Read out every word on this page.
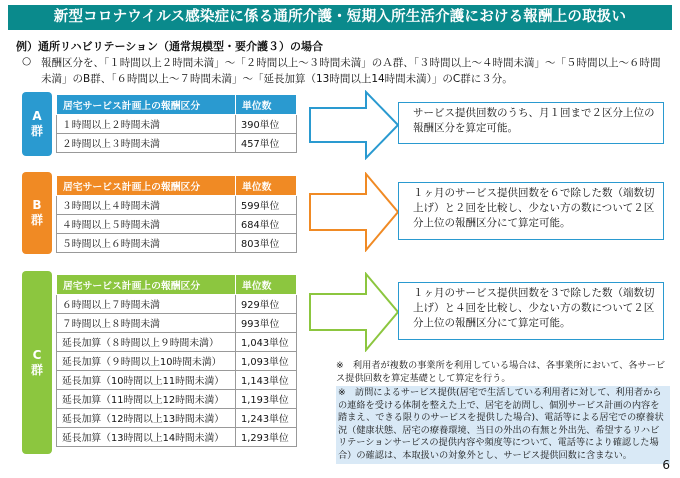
新型コロナウイルス感染症に係る通所介護・短期入所生活介護における報酬上の取扱い
例）通所リハビリテーション（通常規模型・要介護３）の場合
○ 報酬区分を、「１時間以上２時間未満」〜「２時間以上〜３時間未満」のＡ群、「３時間以上〜４時間未満」〜「５時間以上〜６時間未満」のB群、「６時間以上〜７時間未満」〜「延長加算（13時間以上14時間未満）」のC群に３分。
A
群
居宅サービス計画上の報酬区分	単位数
１時間以上２時間未満	390単位
２時間以上３時間未満	457単位
サービス提供回数のうち、月１回まで２区分上位の報酬区分を算定可能。
B
群
居宅サービス計画上の報酬区分	単位数
３時間以上４時間未満	599単位
４時間以上５時間未満	684単位
５時間以上６時間未満	803単位
１ヶ月のサービス提供回数を６で除した数（端数切上げ）と２回を比較し、少ない方の数について２区分上位の報酬区分にて算定可能。
C
群
居宅サービス計画上の報酬区分	単位数
６時間以上７時間未満	929単位
７時間以上８時間未満	993単位
延長加算（８時間以上９時間未満）	1,043単位
延長加算（９時間以上10時間未満）	1,093単位
延長加算（10時間以上11時間未満）	1,143単位
延長加算（11時間以上12時間未満）	1,193単位
延長加算（12時間以上13時間未満）	1,243単位
延長加算（13時間以上14時間未満）	1,293単位
１ヶ月のサービス提供回数を３で除した数（端数切上げ）と４回を比較し、少ない方の数について２区分上位の報酬区分にて算定可能。
※　利用者が複数の事業所を利用している場合は、各事業所において、各サービス提供回数を算定基礎として算定を行う。
※　訪問によるサービス提供(居宅で生活している利用者に対して、利用者からの連絡を受ける体制を整えた上で、居宅を訪問し、個別サービス計画の内容を踏まえ、できる限りのサービスを提供した場合)、電話等による居宅での療養状況（健康状態、居宅の療養環境、当日の外出の有無と外出先、希望するリハビリテーションサービスの提供内容や頻度等について、電話等により確認した場合）の確認は、本取扱いの対象外とし、サービス提供回数に含まない。
6
